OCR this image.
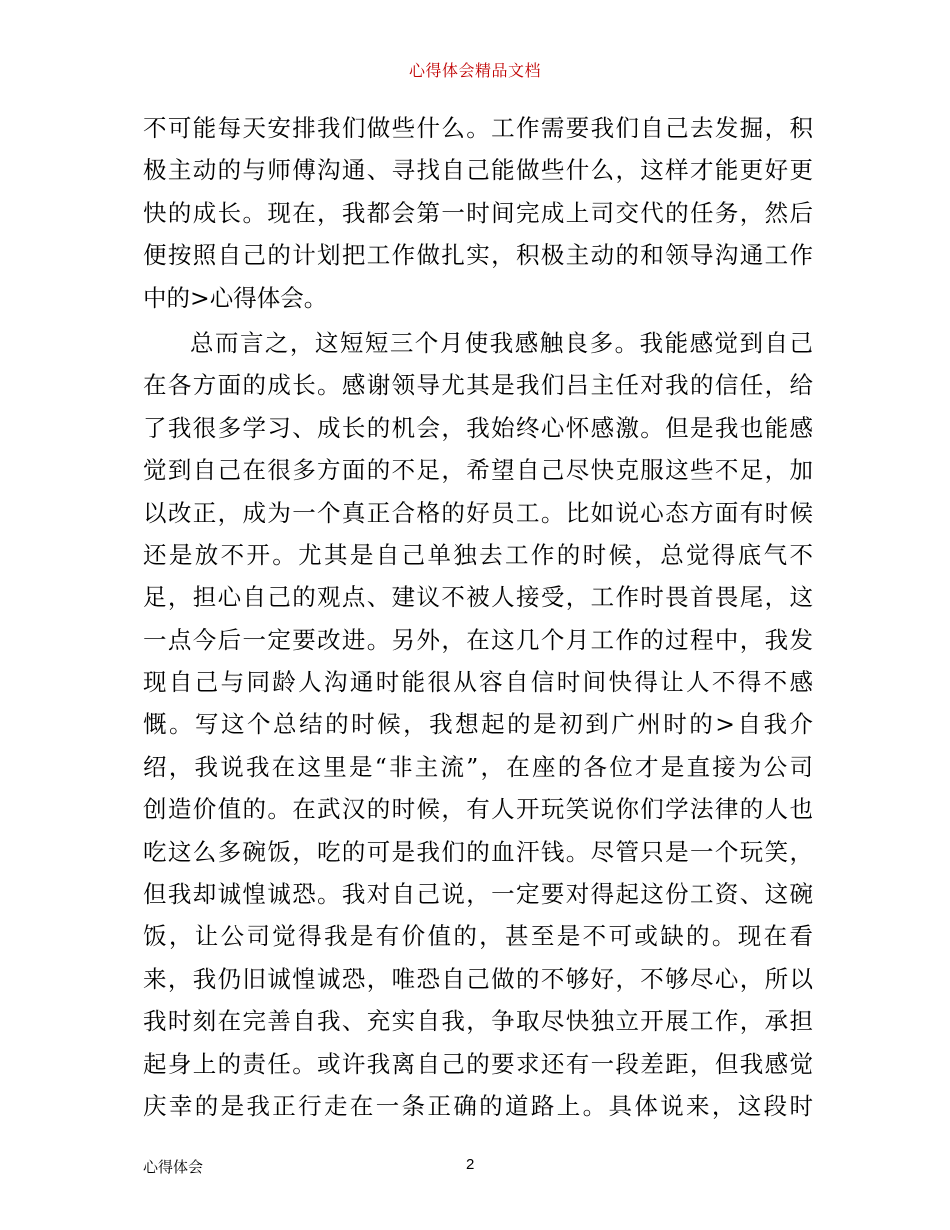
心得体会精品文档
不可能每天安排我们做些什么。工作需要我们自己去发掘，积
极主动的与师傅沟通、寻找自己能做些什么，这样才能更好更
快的成长。现在，我都会第一时间完成上司交代的任务，然后
便按照自己的计划把工作做扎实，积极主动的和领导沟通工作
中的>心得体会。
总而言之，这短短三个月使我感触良多。我能感觉到自己
在各方面的成长。感谢领导尤其是我们吕主任对我的信任，给
了我很多学习、成长的机会，我始终心怀感激。但是我也能感
觉到自己在很多方面的不足，希望自己尽快克服这些不足，加
以改正，成为一个真正合格的好员工。比如说心态方面有时候
还是放不开。尤其是自己单独去工作的时候，总觉得底气不
足，担心自己的观点、建议不被人接受，工作时畏首畏尾，这
一点今后一定要改进。另外，在这几个月工作的过程中，我发
现自己与同龄人沟通时能很从容自信时间快得让人不得不感
慨。写这个总结的时候，我想起的是初到广州时的>自我介
绍，我说我在这里是“非主流”，在座的各位才是直接为公司
创造价值的。在武汉的时候，有人开玩笑说你们学法律的人也
吃这么多碗饭，吃的可是我们的血汗钱。尽管只是一个玩笑，
但我却诚惶诚恐。我对自己说，一定要对得起这份工资、这碗
饭，让公司觉得我是有价值的，甚至是不可或缺的。现在看
来，我仍旧诚惶诚恐，唯恐自己做的不够好，不够尽心，所以
我时刻在完善自我、充实自我，争取尽快独立开展工作，承担
起身上的责任。或许我离自己的要求还有一段差距，但我感觉
庆幸的是我正行走在一条正确的道路上。具体说来，这段时
心得体会	2
